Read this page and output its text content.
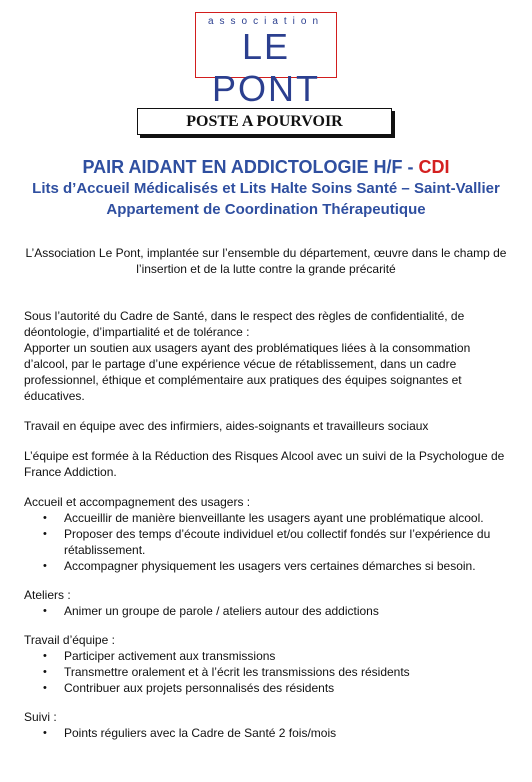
association
LE PONT
POSTE A POURVOIR
PAIR AIDANT EN ADDICTOLOGIE H/F - CDI
Lits d’Accueil Médicalisés et Lits Halte Soins Santé – Saint-Vallier
Appartement de Coordination Thérapeutique
L’Association Le Pont, implantée sur l’ensemble du département, œuvre dans le champ de l’insertion et de la lutte contre la grande précarité

Sous l’autorité du Cadre de Santé, dans le respect des règles de confidentialité, de déontologie, d’impartialité et de tolérance :

Apporter un soutien aux usagers ayant des problématiques liées à la consommation d’alcool, par le partage d’une expérience vécue de rétablissement, dans un cadre professionnel, éthique et complémentaire aux pratiques des équipes soignantes et éducatives.

Travail en équipe avec des infirmiers, aides-soignants et travailleurs sociaux

L’équipe est formée à la Réduction des Risques Alcool avec un suivi de la Psychologue de France Addiction.

Accueil et accompagnement des usagers :

• Accueillir de manière bienveillante les usagers ayant une problématique alcool.
• Proposer des temps d’écoute individuel et/ou collectif fondés sur l’expérience du rétablissement.
• Accompagner physiquement les usagers vers certaines démarches si besoin.

Ateliers :

• Animer un groupe de parole / ateliers autour des addictions

Travail d’équipe :

• Participer activement aux transmissions
• Transmettre oralement et à l’écrit les transmissions des résidents
• Contribuer aux projets personnalisés des résidents

Suivi :

• Points réguliers avec la Cadre de Santé 2 fois/mois
